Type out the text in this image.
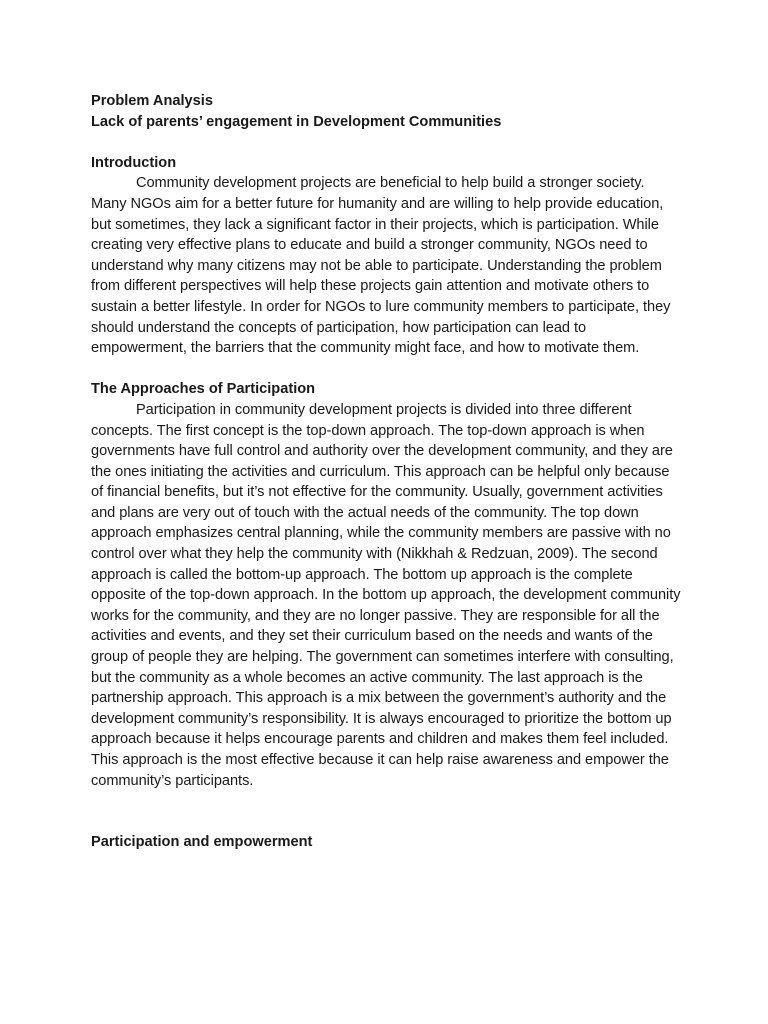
Problem Analysis

Lack of parents’ engagement in Development Communities

Introduction

Community development projects are beneficial to help build a stronger society. Many NGOs aim for a better future for humanity and are willing to help provide education, but sometimes, they lack a significant factor in their projects, which is participation. While creating very effective plans to educate and build a stronger community, NGOs need to understand why many citizens may not be able to participate. Understanding the problem from different perspectives will help these projects gain attention and motivate others to sustain a better lifestyle. In order for NGOs to lure community members to participate, they should understand the concepts of participation, how participation can lead to empowerment, the barriers that the community might face, and how to motivate them.

The Approaches of Participation

Participation in community development projects is divided into three different concepts. The first concept is the top-down approach. The top-down approach is when governments have full control and authority over the development community, and they are the ones initiating the activities and curriculum. This approach can be helpful only because of financial benefits, but it’s not effective for the community. Usually, government activities and plans are very out of touch with the actual needs of the community. The top down approach emphasizes central planning, while the community members are passive with no control over what they help the community with (Nikkhah & Redzuan, 2009). The second approach is called the bottom-up approach. The bottom up approach is the complete opposite of the top-down approach. In the bottom up approach, the development community works for the community, and they are no longer passive. They are responsible for all the activities and events, and they set their curriculum based on the needs and wants of the group of people they are helping. The government can sometimes interfere with consulting, but the community as a whole becomes an active community. The last approach is the partnership approach. This approach is a mix between the government’s authority and the development community’s responsibility. It is always encouraged to prioritize the bottom up approach because it helps encourage parents and children and makes them feel included. This approach is the most effective because it can help raise awareness and empower the community’s participants.

Participation and empowerment
